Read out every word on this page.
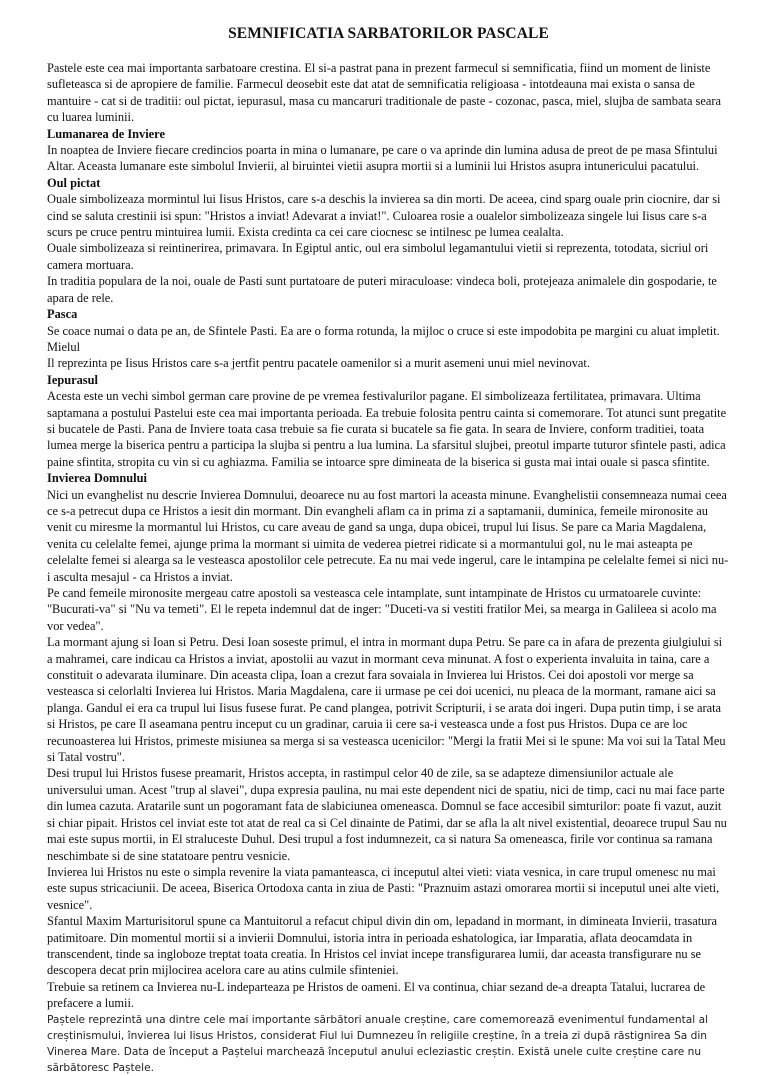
SEMNIFICATIA SARBATORILOR PASCALE

Pastele este cea mai importanta sarbatoare crestina. El si-a pastrat pana in prezent farmecul si semnificatia, fiind un moment de liniste sufleteasca si de apropiere de familie. Farmecul deosebit este dat atat de semnificatia religioasa - intotdeauna mai exista o sansa de mantuire - cat si de traditii: oul pictat, iepurasul, masa cu mancaruri traditionale de paste - cozonac, pasca, miel, slujba de sambata seara cu luarea luminii.

Lumanarea de Inviere

In noaptea de Inviere fiecare credincios poarta in mina o lumanare, pe care o va aprinde din lumina adusa de preot de pe masa Sfintului Altar. Aceasta lumanare este simbolul Invierii, al biruintei vietii asupra mortii si a luminii lui Hristos asupra intunericului pacatului.

Oul pictat

Ouale simbolizeaza mormintul lui Iisus Hristos, care s-a deschis la invierea sa din morti. De aceea, cind sparg ouale prin ciocnire, dar si cind se saluta crestinii isi spun: "Hristos a inviat! Adevarat a inviat!". Culoarea rosie a oualelor simbolizeaza singele lui Iisus care s-a scurs pe cruce pentru mintuirea lumii. Exista credinta ca cei care ciocnesc se intilnesc pe lumea cealalta.

Ouale simbolizeaza si reintinerirea, primavara. In Egiptul antic, oul era simbolul legamantului vietii si reprezenta, totodata, sicriul ori camera mortuara.

In traditia populara de la noi, ouale de Pasti sunt purtatoare de puteri miraculoase: vindeca boli, protejeaza animalele din gospodarie, te apara de rele.

Pasca

Se coace numai o data pe an, de Sfintele Pasti. Ea are o forma rotunda, la mijloc o cruce si este impodobita pe margini cu aluat impletit.

Mielul

Il reprezinta pe Iisus Hristos care s-a jertfit pentru pacatele oamenilor si a murit asemeni unui miel nevinovat.

Iepurasul

Acesta este un vechi simbol german care provine de pe vremea festivalurilor pagane. El simbolizeaza fertilitatea, primavara. Ultima saptamana a postului Pastelui este cea mai importanta perioada. Ea trebuie folosita pentru cainta si comemorare. Tot atunci sunt pregatite si bucatele de Pasti. Pana de Inviere toata casa trebuie sa fie curata si bucatele sa fie gata. In seara de Inviere, conform traditiei, toata lumea merge la biserica pentru a participa la slujba si pentru a lua lumina. La sfarsitul slujbei, preotul imparte tuturor sfintele pasti, adica paine sfintita, stropita cu vin si cu aghiazma. Familia se intoarce spre dimineata de la biserica si gusta mai intai ouale si pasca sfintite.

Invierea Domnului

Nici un evanghelist nu descrie Invierea Domnului, deoarece nu au fost martori la aceasta minune. Evanghelistii consemneaza numai ceea ce s-a petrecut dupa ce Hristos a iesit din mormant. Din evangheli aflam ca in prima zi a saptamanii, duminica, femeile mironosite au venit cu miresme la mormantul lui Hristos, cu care aveau de gand sa unga, dupa obicei, trupul lui Iisus. Se pare ca Maria Magdalena, venita cu celelalte femei, ajunge prima la mormant si uimita de vederea pietrei ridicate si a mormantului gol, nu le mai asteapta pe celelalte femei si alearga sa le vesteasca apostolilor cele petrecute. Ea nu mai vede ingerul, care le intampina pe celelalte femei si nici nu-i asculta mesajul - ca Hristos a inviat.

Pe cand femeile mironosite mergeau catre apostoli sa vesteasca cele intamplate, sunt intampinate de Hristos cu urmatoarele cuvinte: "Bucurati-va" si "Nu va temeti". El le repeta indemnul dat de inger: "Duceti-va si vestiti fratilor Mei, sa mearga in Galileea si acolo ma vor vedea".

La mormant ajung si Ioan si Petru. Desi Ioan soseste primul, el intra in mormant dupa Petru. Se pare ca in afara de prezenta giulgiului si a mahramei, care indicau ca Hristos a inviat, apostolii au vazut in mormant ceva minunat. A fost o experienta invaluita in taina, care a constituit o adevarata iluminare. Din aceasta clipa, Ioan a crezut fara sovaiala in Invierea lui Hristos. Cei doi apostoli vor merge sa vesteasca si celorlalti Invierea lui Hristos. Maria Magdalena, care ii urmase pe cei doi ucenici, nu pleaca de la mormant, ramane aici sa planga. Gandul ei era ca trupul lui Iisus fusese furat. Pe cand plangea, potrivit Scripturii, i se arata doi ingeri. Dupa putin timp, i se arata si Hristos, pe care Il aseamana pentru inceput cu un gradinar, caruia ii cere sa-i vesteasca unde a fost pus Hristos. Dupa ce are loc recunoasterea lui Hristos, primeste misiunea sa merga si sa vesteasca ucenicilor: "Mergi la fratii Mei si le spune: Ma voi sui la Tatal Meu si Tatal vostru".

Desi trupul lui Hristos fusese preamarit, Hristos accepta, in rastimpul celor 40 de zile, sa se adapteze dimensiunilor actuale ale universului uman. Acest "trup al slavei", dupa expresia paulina, nu mai este dependent nici de spatiu, nici de timp, caci nu mai face parte din lumea cazuta. Aratarile sunt un pogoramant fata de slabiciunea omeneasca. Domnul se face accesibil simturilor: poate fi vazut, auzit si chiar pipait. Hristos cel inviat este tot atat de real ca si Cel dinainte de Patimi, dar se afla la alt nivel existential, deoarece trupul Sau nu mai este supus mortii, in El straluceste Duhul. Desi trupul a fost indumnezeit, ca si natura Sa omeneasca, firile vor continua sa ramana neschimbate si de sine statatoare pentru vesnicie.

Invierea lui Hristos nu este o simpla revenire la viata pamanteasca, ci inceputul altei vieti: viata vesnica, in care trupul omenesc nu mai este supus stricaciunii. De aceea, Biserica Ortodoxa canta in ziua de Pasti: "Praznuim astazi omorarea mortii si inceputul unei alte vieti, vesnice".

Sfantul Maxim Marturisitorul spune ca Mantuitorul a refacut chipul divin din om, lepadand in mormant, in dimineata Invierii, trasatura patimitoare. Din momentul mortii si a invierii Domnului, istoria intra in perioada eshatologica, iar Imparatia, aflata deocamdata in transcendent, tinde sa ingloboze treptat toata creatia. In Hristos cel inviat incepe transfigurarea lumii, dar aceasta transfigurare nu se descopera decat prin mijlocirea acelora care au atins culmile sfinteniei.

Trebuie sa retinem ca Invierea nu-L indeparteaza pe Hristos de oameni. El va continua, chiar sezand de-a dreapta Tatalui, lucrarea de prefacere a lumii.

Paștele reprezintă una dintre cele mai importante sărbători anuale creștine, care comemorează evenimentul fundamental al creștinismului, învierea lui Iisus Hristos, considerat Fiul lui Dumnezeu în religiile creștine, în a treia zi după răstignirea Sa din Vinerea Mare. Data de început a Paștelui marchează începutul anului ecleziastic creștin. Există unele culte creștine care nu sărbătoresc Paștele.
